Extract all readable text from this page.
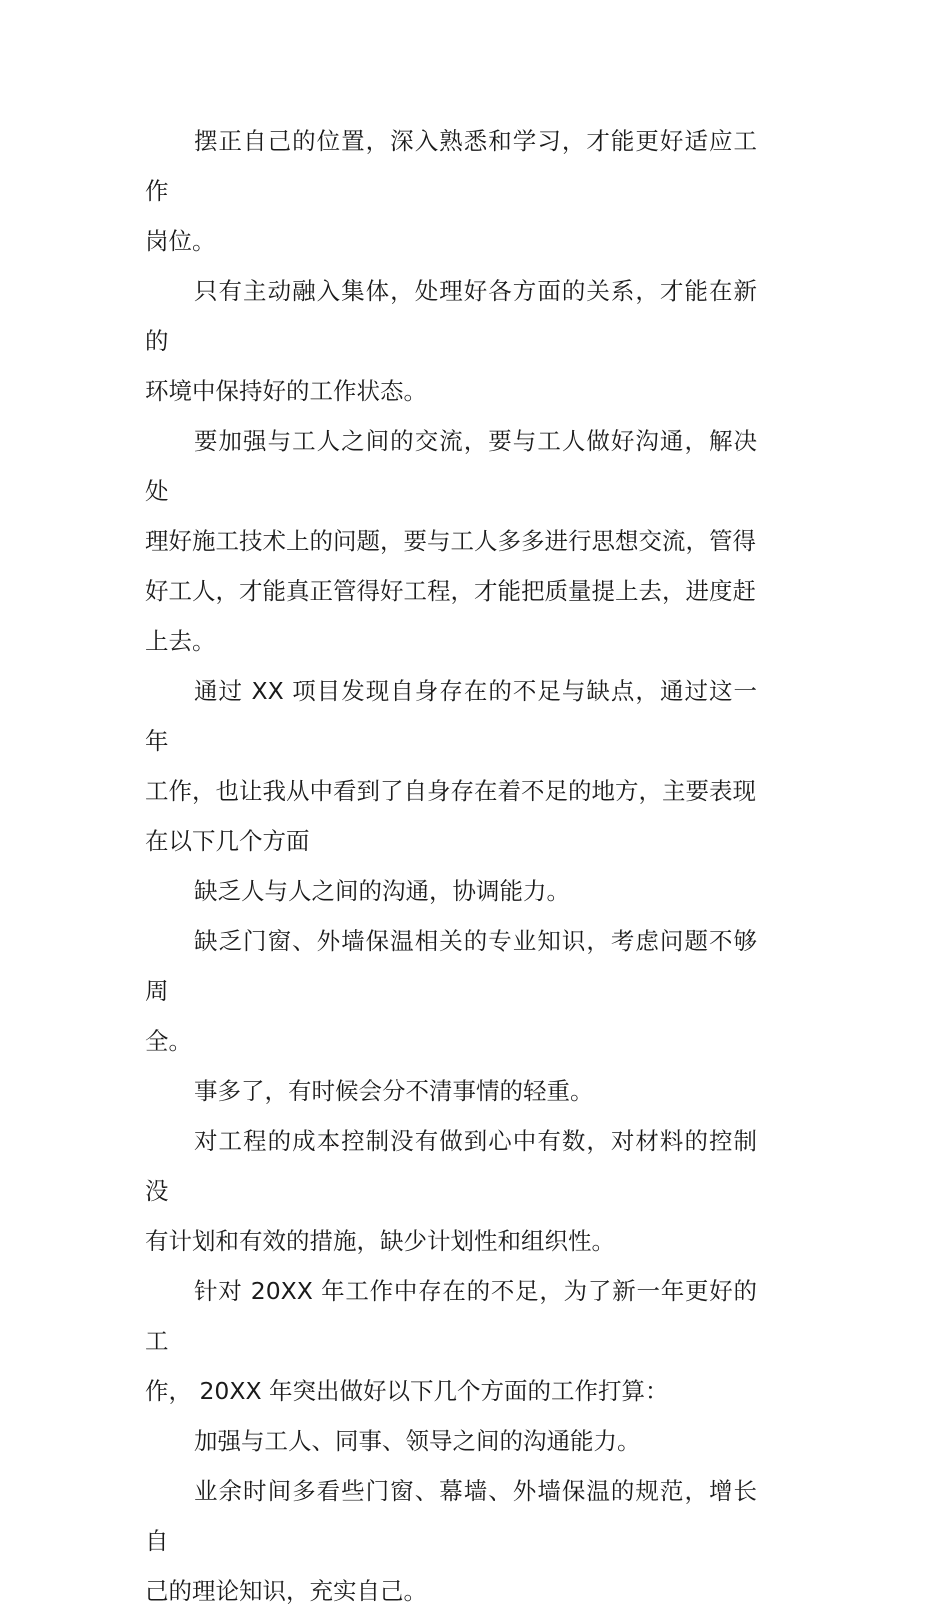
摆正自己的位置，深入熟悉和学习，才能更好适应工作
岗位。

只有主动融入集体，处理好各方面的关系，才能在新的
环境中保持好的工作状态。

要加强与工人之间的交流，要与工人做好沟通，解决处
理好施工技术上的问题，要与工人多多进行思想交流，管得
好工人，才能真正管得好工程，才能把质量提上去，进度赶
上去。

通过 XX 项目发现自身存在的不足与缺点，通过这一年
工作，也让我从中看到了自身存在着不足的地方，主要表现
在以下几个方面

缺乏人与人之间的沟通，协调能力。

缺乏门窗、外墙保温相关的专业知识，考虑问题不够周
全。

事多了，有时候会分不清事情的轻重。

对工程的成本控制没有做到心中有数，对材料的控制没
有计划和有效的措施，缺少计划性和组织性。

针对 20XX 年工作中存在的不足，为了新一年更好的工
作， 20XX 年突出做好以下几个方面的工作打算：

加强与工人、同事、领导之间的沟通能力。

业余时间多看些门窗、幕墙、外墙保温的规范，增长自
己的理论知识，充实自己。
